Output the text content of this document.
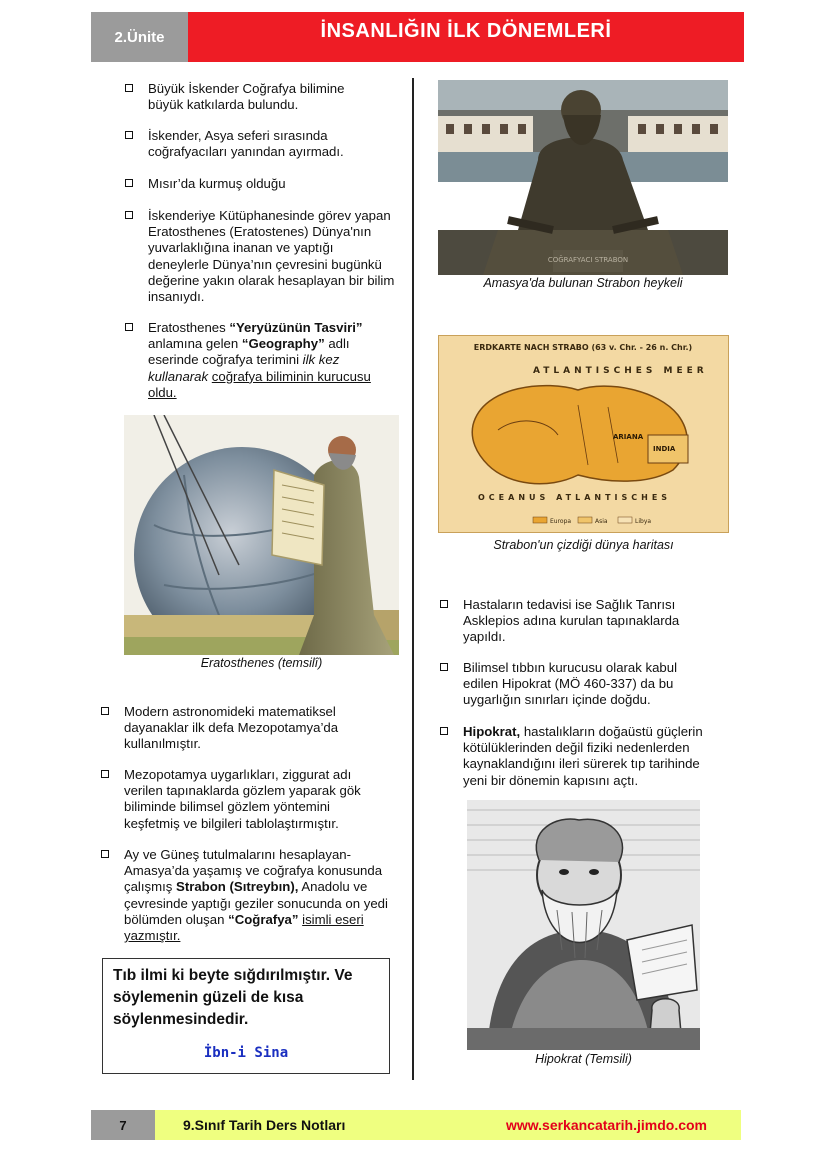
2.Ünite	İNSANLIĞIN İLK DÖNEMLERİ
Büyük İskender Coğrafya bilimine büyük katkılarda bulundu.
İskender, Asya seferi sırasında coğrafyacıları yanından ayırmadı.
Mısır’da kurmuş olduğu
İskenderiye Kütüphanesinde görev yapan Eratosthenes (Eratostenes) Dünya'nın yuvarlaklığına inanan ve yaptığı deneylerle Dünya’nın çevresini bugünkü değerine yakın olarak hesaplayan bir bilim insanıydı.
Eratosthenes “Yeryüzünün Tasviri” anlamına gelen “Geography” adlı eserinde coğrafya terimini ilk kez kullanarak coğrafya biliminin kurucusu oldu.
Eratosthenes (temsilî)
Modern astronomideki matematiksel dayanaklar ilk defa Mezopotamya’da kullanılmıştır.
Mezopotamya uygarlıkları, ziggurat adı verilen tapınaklarda gözlem yaparak gök biliminde bilimsel gözlem yöntemini keşfetmiş ve bilgileri tablolaştırmıştır.
Ay ve Güneş tutulmalarını hesaplayan- Amasya’da yaşamış ve coğrafya konusunda çalışmış Strabon (Sıtreybın), Anadolu ve çevresinde yaptığı geziler sonucunda on yedi bölümden oluşan “Coğrafya” isimli eseri yazmıştır.
Tıb ilmi ki beyte sığdırılmıştır. Ve söylemenin güzeli de kısa söylenmesindedir.
İbn-i Sina
COĞRAFYACI STRABON
Amasya'da bulunan Strabon heykeli
ERDKARTE NACH STRABO (63 v. Chr. - 26 n. Chr.)
ARIANA
INDIA
ATLANTISCHES MEER
OCEANUS ATLANTISCHES
Europa	Asia	Libya
Strabon'un çizdiği dünya haritası
Hastaların tedavisi ise Sağlık Tanrısı Asklepios adına kurulan tapınaklarda yapıldı.
Bilimsel tıbbın kurucusu olarak kabul edilen Hipokrat (MÖ 460-337) da bu uygarlığın sınırları içinde doğdu.
Hipokrat, hastalıkların doğaüstü güçlerin kötülüklerinden değil fiziki nedenlerden kaynaklandığını ileri sürerek tıp tarihinde yeni bir dönemin kapısını açtı.
Hipokrat (Temsili)
7	9.Sınıf Tarih Ders Notları	www.serkancatarih.jimdo.com
